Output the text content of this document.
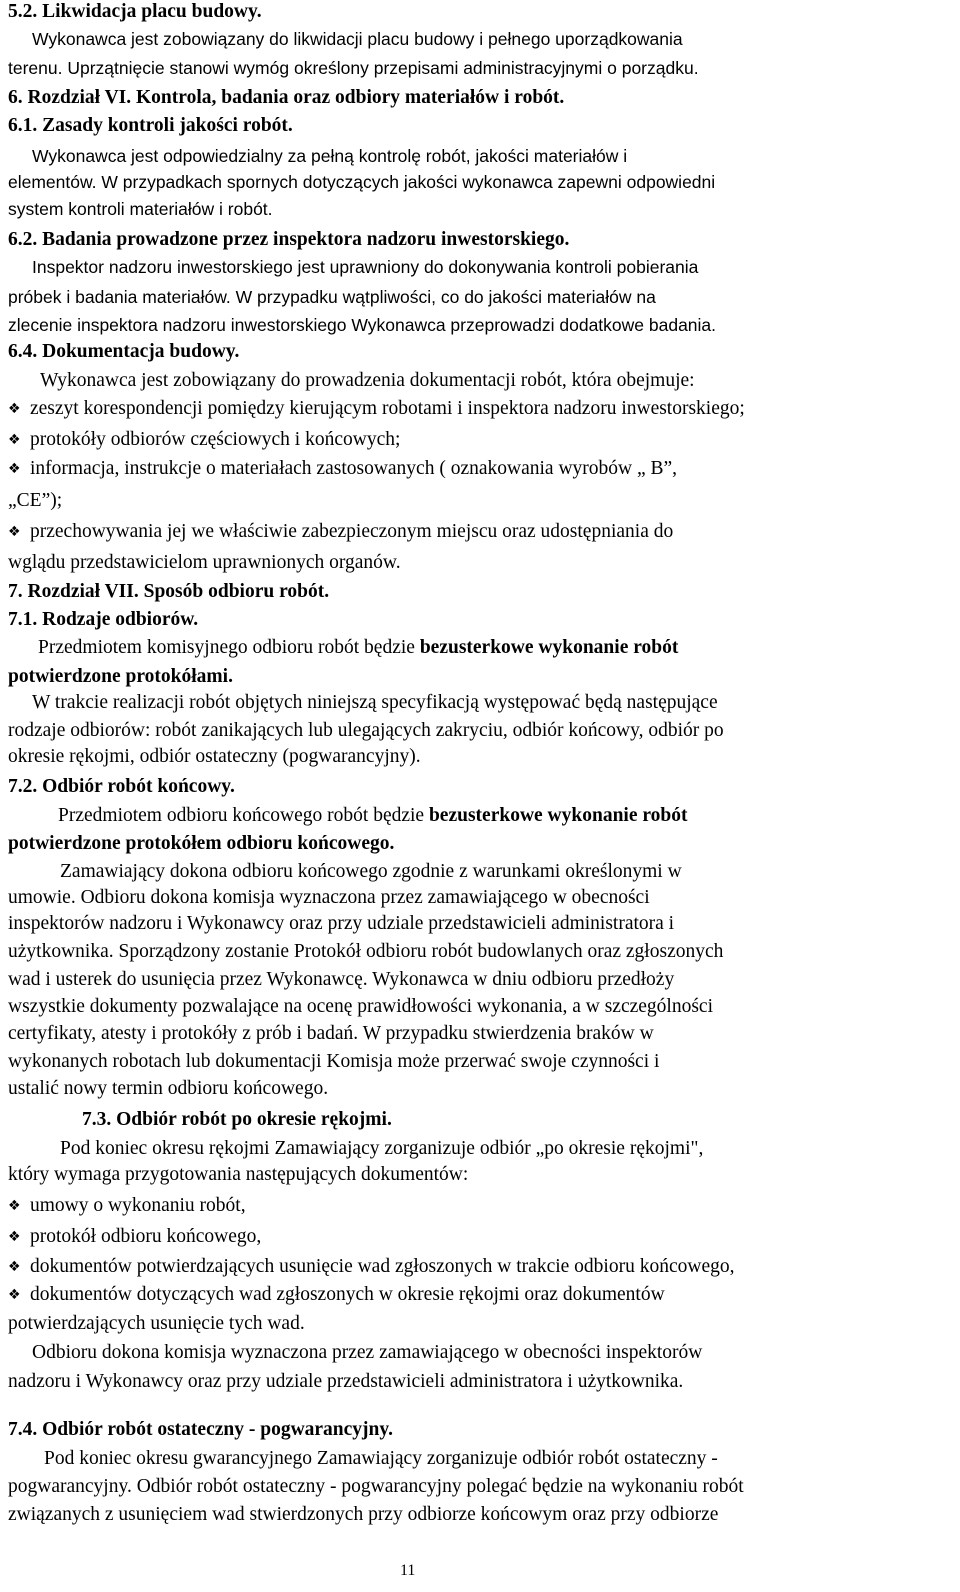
5.2. Likwidacja placu budowy.
Wykonawca jest zobowiązany do likwidacji placu budowy i pełnego uporządkowania
terenu. Uprzątnięcie stanowi wymóg określony przepisami administracyjnymi o porządku.
6. Rozdział VI. Kontrola, badania oraz odbiory materiałów i robót.
6.1. Zasady kontroli jakości robót.
Wykonawca jest odpowiedzialny za pełną kontrolę robót, jakości materiałów i
elementów. W przypadkach spornych dotyczących jakości wykonawca zapewni odpowiedni
system kontroli materiałów i robót.
6.2. Badania prowadzone przez inspektora nadzoru inwestorskiego.
Inspektor nadzoru inwestorskiego jest uprawniony do dokonywania kontroli pobierania
próbek i badania materiałów. W przypadku wątpliwości, co do jakości materiałów na
zlecenie inspektora nadzoru inwestorskiego Wykonawca przeprowadzi dodatkowe badania.
6.4. Dokumentacja budowy.
Wykonawca jest zobowiązany do prowadzenia dokumentacji robót, która obejmuje:
❖ zeszyt korespondencji pomiędzy kierującym robotami i inspektora nadzoru inwestorskiego;
❖ protokóły odbiorów częściowych i końcowych;
❖ informacja, instrukcje o materiałach zastosowanych ( oznakowania wyrobów „ B”,
„CE”);
❖ przechowywania jej we właściwie zabezpieczonym miejscu oraz udostępniania do
wglądu przedstawicielom uprawnionych organów.
7. Rozdział VII. Sposób odbioru robót.
7.1. Rodzaje odbiorów.
Przedmiotem komisyjnego odbioru robót będzie bezusterkowe wykonanie robót
potwierdzone protokółami.
W trakcie realizacji robót objętych niniejszą specyfikacją występować będą następujące
rodzaje odbiorów: robót zanikających lub ulegających zakryciu, odbiór końcowy, odbiór po
okresie rękojmi, odbiór ostateczny (pogwarancyjny).
7.2. Odbiór robót końcowy.
Przedmiotem odbioru końcowego robót będzie bezusterkowe wykonanie robót
potwierdzone protokółem odbioru końcowego.
Zamawiający dokona odbioru końcowego zgodnie z warunkami określonymi w
umowie. Odbioru dokona komisja wyznaczona przez zamawiającego w obecności
inspektorów nadzoru i Wykonawcy oraz przy udziale przedstawicieli administratora i
użytkownika. Sporządzony zostanie Protokół odbioru robót budowlanych oraz zgłoszonych
wad i usterek do usunięcia przez Wykonawcę. Wykonawca w dniu odbioru przedłoży
wszystkie dokumenty pozwalające na ocenę prawidłowości wykonania, a w szczególności
certyfikaty, atesty i protokóły z prób i badań. W przypadku stwierdzenia braków w
wykonanych robotach lub dokumentacji Komisja może przerwać swoje czynności i
ustalić nowy termin odbioru końcowego.
7.3. Odbiór robót po okresie rękojmi.
Pod koniec okresu rękojmi Zamawiający zorganizuje odbiór „po okresie rękojmi",
który wymaga przygotowania następujących dokumentów:
❖ umowy o wykonaniu robót,
❖ protokół odbioru końcowego,
❖ dokumentów potwierdzających usunięcie wad zgłoszonych w trakcie odbioru końcowego,
❖ dokumentów dotyczących wad zgłoszonych w okresie rękojmi oraz dokumentów
potwierdzających usunięcie tych wad.
Odbioru dokona komisja wyznaczona przez zamawiającego w obecności inspektorów
nadzoru i Wykonawcy oraz przy udziale przedstawicieli administratora i użytkownika.
7.4. Odbiór robót ostateczny - pogwarancyjny.
Pod koniec okresu gwarancyjnego Zamawiający zorganizuje odbiór robót ostateczny -
pogwarancyjny. Odbiór robót ostateczny - pogwarancyjny polegać będzie na wykonaniu robót
związanych z usunięciem wad stwierdzonych przy odbiorze końcowym oraz przy odbiorze
11
